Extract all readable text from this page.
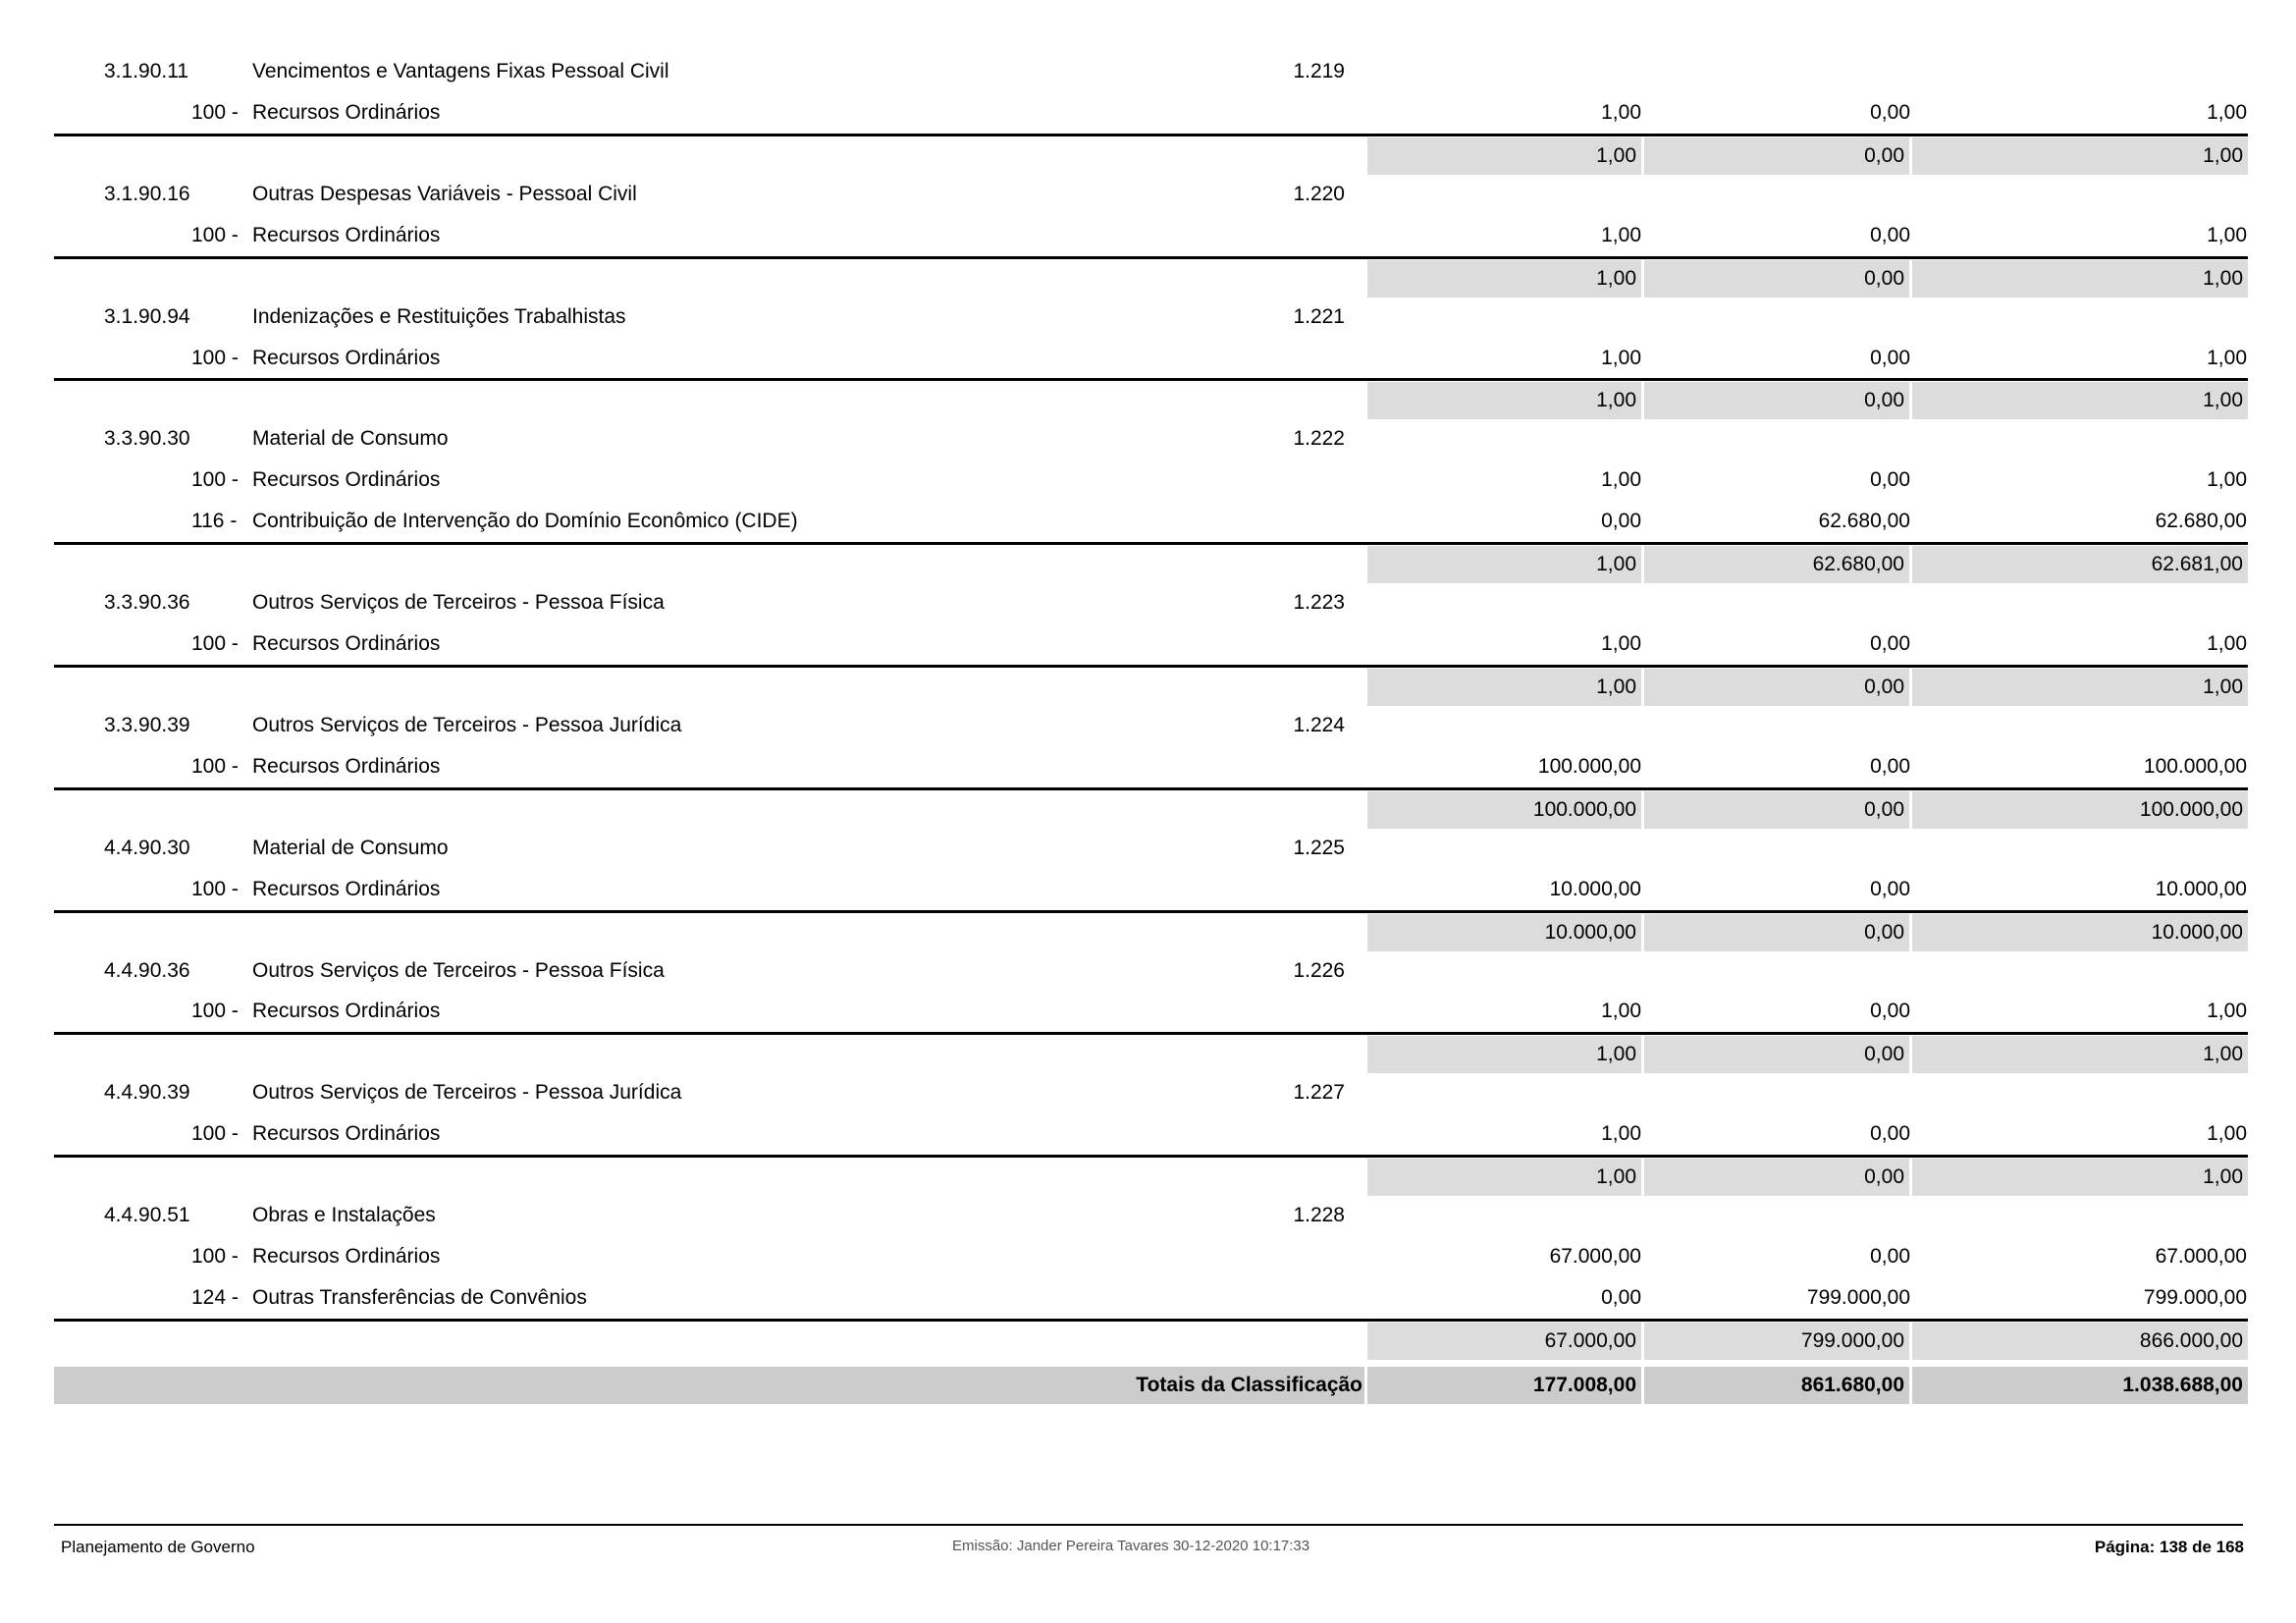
3.1.90.11	Vencimentos e Vantagens Fixas Pessoal Civil	1.219
100 - Recursos Ordinários	1,00	0,00	1,00
1,00	0,00	1,00
3.1.90.16	Outras Despesas Variáveis - Pessoal Civil	1.220
100 - Recursos Ordinários	1,00	0,00	1,00
1,00	0,00	1,00
3.1.90.94	Indenizações e Restituições Trabalhistas	1.221
100 - Recursos Ordinários	1,00	0,00	1,00
1,00	0,00	1,00
3.3.90.30	Material de Consumo	1.222
100 - Recursos Ordinários	1,00	0,00	1,00
116 - Contribuição de Intervenção do Domínio Econômico (CIDE)	0,00	62.680,00	62.680,00
1,00	62.680,00	62.681,00
3.3.90.36	Outros Serviços de Terceiros - Pessoa Física	1.223
100 - Recursos Ordinários	1,00	0,00	1,00
1,00	0,00	1,00
3.3.90.39	Outros Serviços de Terceiros - Pessoa Jurídica	1.224
100 - Recursos Ordinários	100.000,00	0,00	100.000,00
100.000,00	0,00	100.000,00
4.4.90.30	Material de Consumo	1.225
100 - Recursos Ordinários	10.000,00	0,00	10.000,00
10.000,00	0,00	10.000,00
4.4.90.36	Outros Serviços de Terceiros - Pessoa Física	1.226
100 - Recursos Ordinários	1,00	0,00	1,00
1,00	0,00	1,00
4.4.90.39	Outros Serviços de Terceiros - Pessoa Jurídica	1.227
100 - Recursos Ordinários	1,00	0,00	1,00
1,00	0,00	1,00
4.4.90.51	Obras e Instalações	1.228
100 - Recursos Ordinários	67.000,00	0,00	67.000,00
124 - Outras Transferências de Convênios	0,00	799.000,00	799.000,00
67.000,00	799.000,00	866.000,00
Totais da Classificação	177.008,00	861.680,00	1.038.688,00
Planejamento de Governo	Emissão: Jander Pereira Tavares 30-12-2020 10:17:33	Página: 138 de 168
